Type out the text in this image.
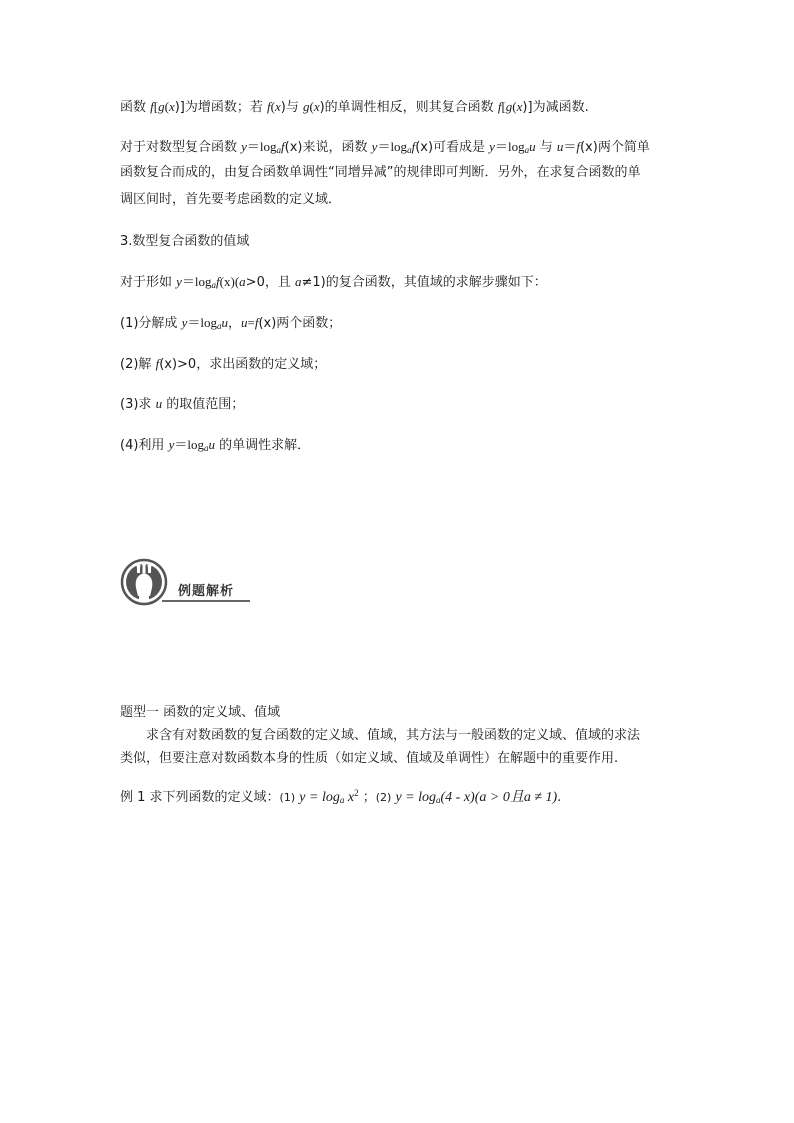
函数 f[g(x)]为增函数；若 f(x)与 g(x)的单调性相反，则其复合函数 f[g(x)]为减函数.
对于对数型复合函数 $y=\log_af(x)$来说，函数 $y=\log_af(x)$可看成是 $y=\log_au$ 与 u＝f(x)两个简单
函数复合而成的，由复合函数单调性“同增异减”的规律即可判断．另外，在求复合函数的单
调区间时，首先要考虑函数的定义域．
3.数型复合函数的值域
对于形如 $y=\log_af(x)(a>0$，且 a≠1)的复合函数，其值域的求解步骤如下：
(1)分解成 $y=\log_au$，u=f(x)两个函数；
(2)解 f(x)>0，求出函数的定义域；
(3)求 u 的取值范围；
(4)利用 $y=\log_au$ 的单调性求解．
例题解析
题型一 函数的定义域、值域
求含有对数函数的复合函数的定义域、值域，其方法与一般函数的定义域、值域的求法
类似，但要注意对数函数本身的性质（如定义域、值域及单调性）在解题中的重要作用.
例 1 求下列函数的定义域：(1) $y = \log_a x^2$ ；(2) $y = \log_a(4 - x)(a > 0$且a ≠ 1).
